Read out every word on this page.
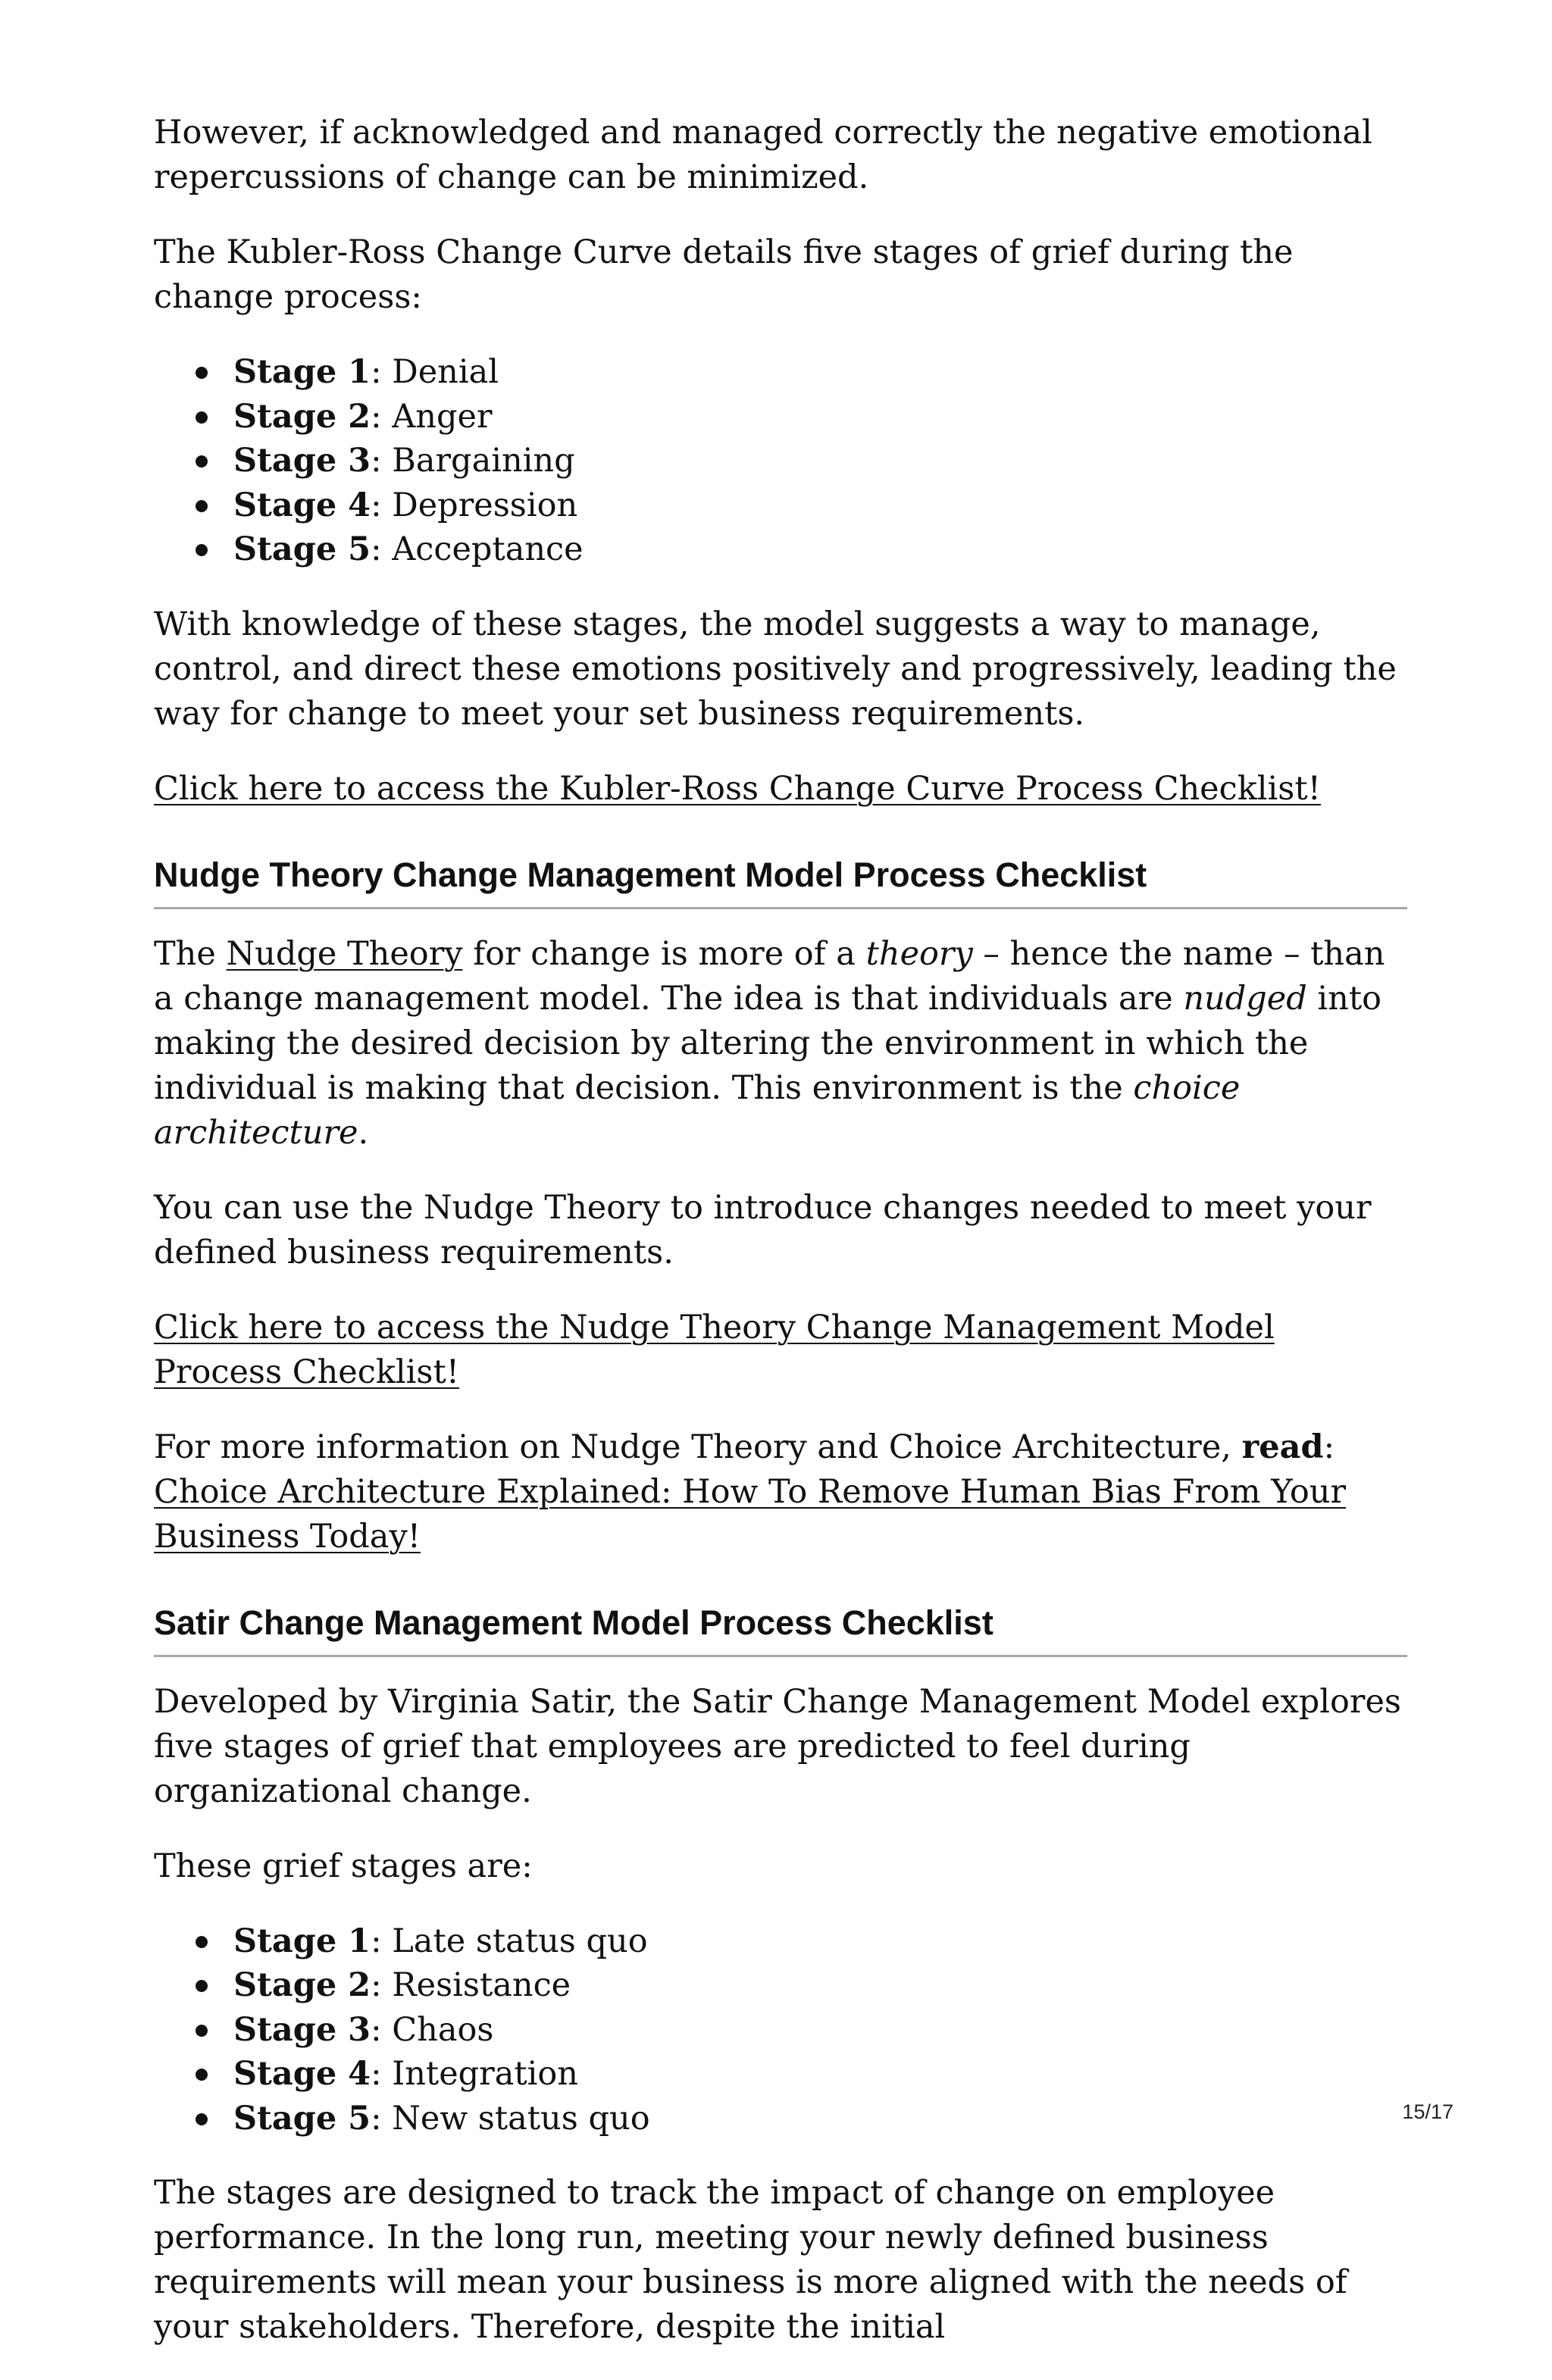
However, if acknowledged and managed correctly the negative emotional repercussions of change can be minimized.

The Kubler-Ross Change Curve details five stages of grief during the change process:

Stage 1: Denial
Stage 2: Anger
Stage 3: Bargaining
Stage 4: Depression
Stage 5: Acceptance

With knowledge of these stages, the model suggests a way to manage, control, and direct these emotions positively and progressively, leading the way for change to meet your set business requirements.

Click here to access the Kubler-Ross Change Curve Process Checklist!

Nudge Theory Change Management Model Process Checklist

The Nudge Theory for change is more of a theory – hence the name – than a change management model. The idea is that individuals are nudged into making the desired decision by altering the environment in which the individual is making that decision. This environment is the choice architecture.

You can use the Nudge Theory to introduce changes needed to meet your defined business requirements.

Click here to access the Nudge Theory Change Management Model Process Checklist!

For more information on Nudge Theory and Choice Architecture, read: Choice Architecture Explained: How To Remove Human Bias From Your Business Today!

Satir Change Management Model Process Checklist

Developed by Virginia Satir, the Satir Change Management Model explores five stages of grief that employees are predicted to feel during organizational change.

These grief stages are:

Stage 1: Late status quo
Stage 2: Resistance
Stage 3: Chaos
Stage 4: Integration
Stage 5: New status quo

The stages are designed to track the impact of change on employee performance. In the long run, meeting your newly defined business requirements will mean your business is more aligned with the needs of your stakeholders. Therefore, despite the initial

15/17
